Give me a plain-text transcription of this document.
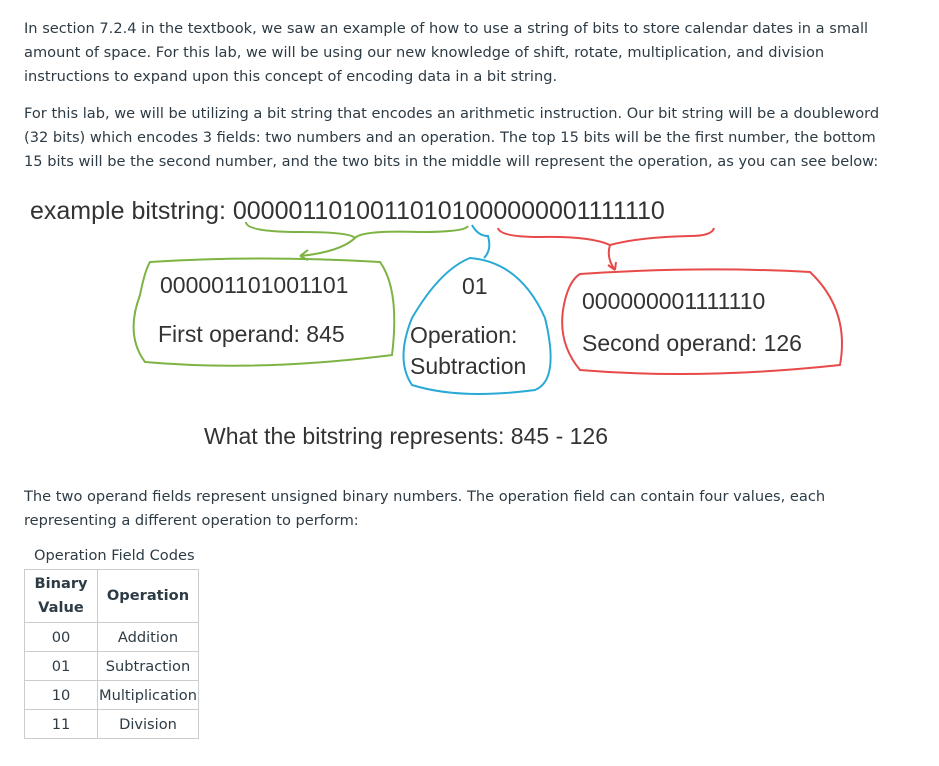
In section 7.2.4 in the textbook, we saw an example of how to use a string of bits to store calendar dates in a small amount of space. For this lab, we will be using our new knowledge of shift, rotate, multiplication, and division instructions to expand upon this concept of encoding data in a bit string.

For this lab, we will be utilizing a bit string that encodes an arithmetic instruction. Our bit string will be a doubleword (32 bits) which encodes 3 fields: two numbers and an operation. The top 15 bits will be the first number, the bottom 15 bits will be the second number, and the two bits in the middle will represent the operation, as you can see below:

example bitstring: 00000110100110101000000001111110
000001101001101
First operand: 845
01
Operation:
Subtraction
000000001111110
Second operand: 126
What the bitstring represents: 845 - 126

The two operand fields represent unsigned binary numbers. The operation field can contain four values, each representing a different operation to perform:

Operation Field Codes
Binary Value	Operation
00	Addition
01	Subtraction
10	Multiplication
11	Division
